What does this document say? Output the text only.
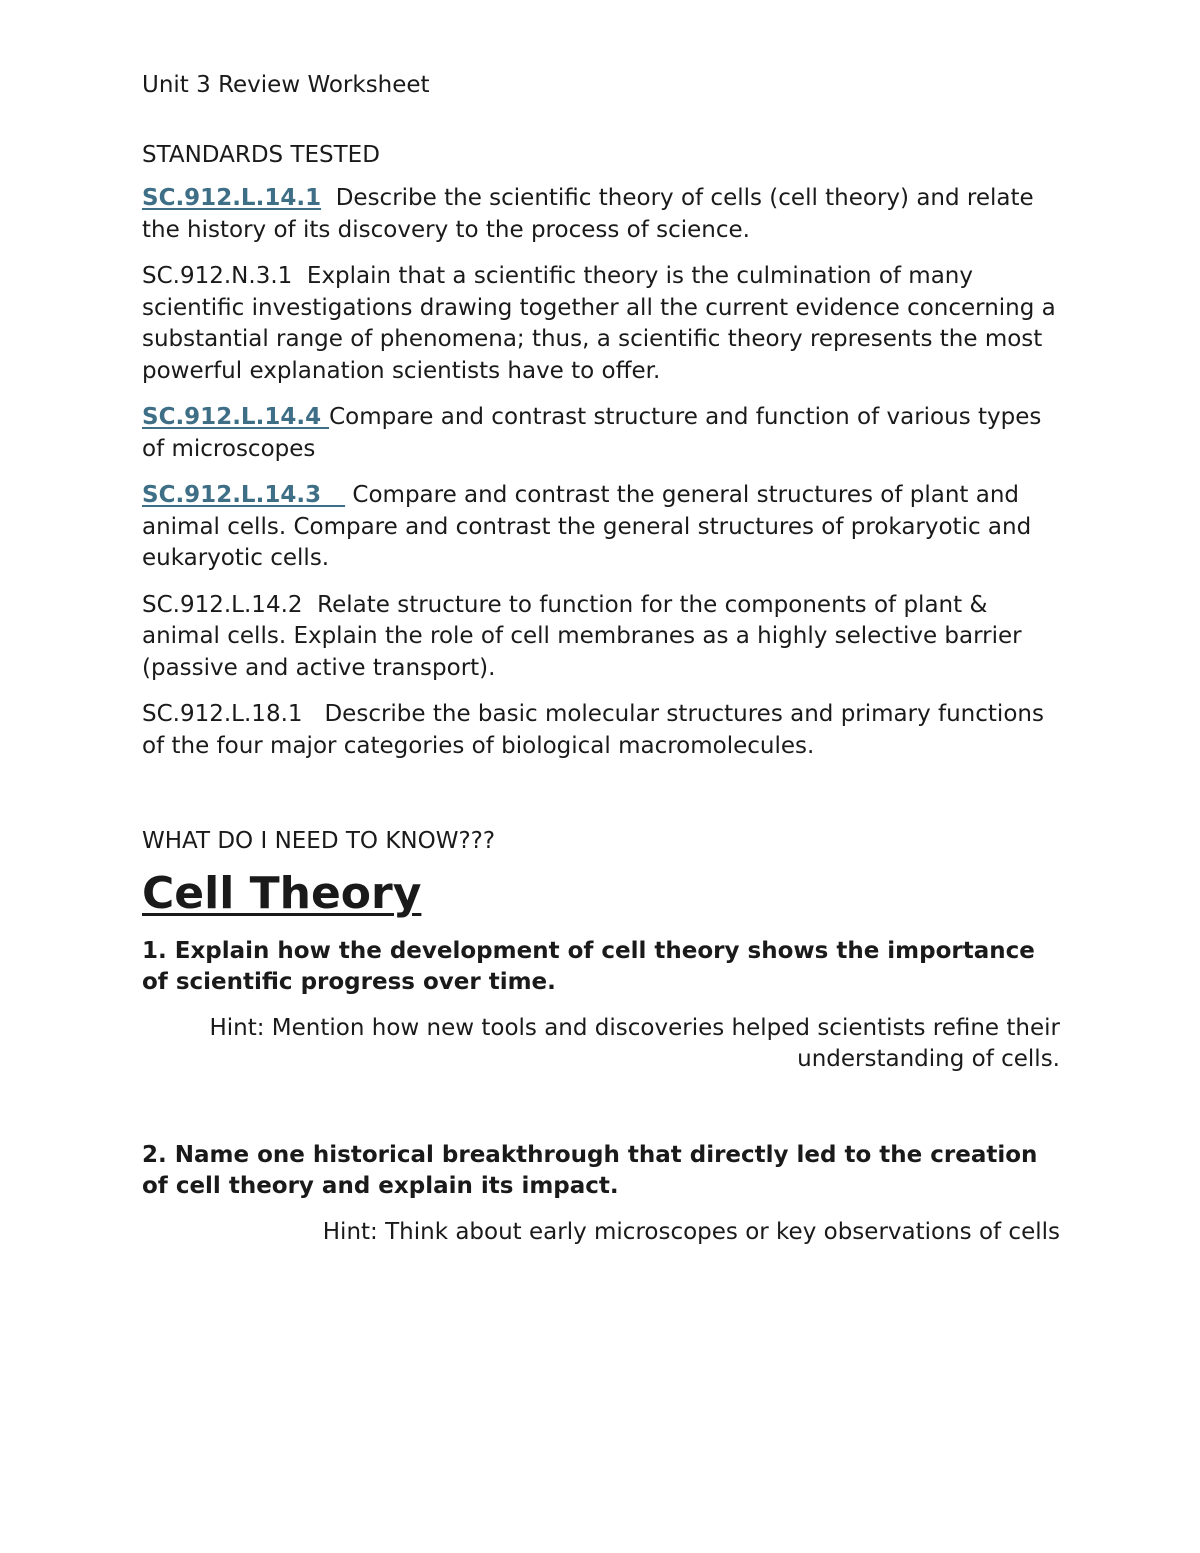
Unit 3 Review Worksheet
STANDARDS TESTED
SC.912.L.14.1 Describe the scientific theory of cells (cell theory) and relate the history of its discovery to the process of science.
SC.912.N.3.1 Explain that a scientific theory is the culmination of many scientific investigations drawing together all the current evidence concerning a substantial range of phenomena; thus, a scientific theory represents the most powerful explanation scientists have to offer.
SC.912.L.14.4 Compare and contrast structure and function of various types of microscopes
SC.912.L.14.3    Compare and contrast the general structures of plant and animal cells. Compare and contrast the general structures of prokaryotic and eukaryotic cells.
SC.912.L.14.2 Relate structure to function for the components of plant & animal cells. Explain the role of cell membranes as a highly selective barrier (passive and active transport).
SC.912.L.18.1 Describe the basic molecular structures and primary functions of the four major categories of biological macromolecules.
WHAT DO I NEED TO KNOW???
Cell Theory
1. Explain how the development of cell theory shows the importance of scientific progress over time.
Hint: Mention how new tools and discoveries helped scientists refine their understanding of cells.
2. Name one historical breakthrough that directly led to the creation of cell theory and explain its impact.
Hint: Think about early microscopes or key observations of cells
